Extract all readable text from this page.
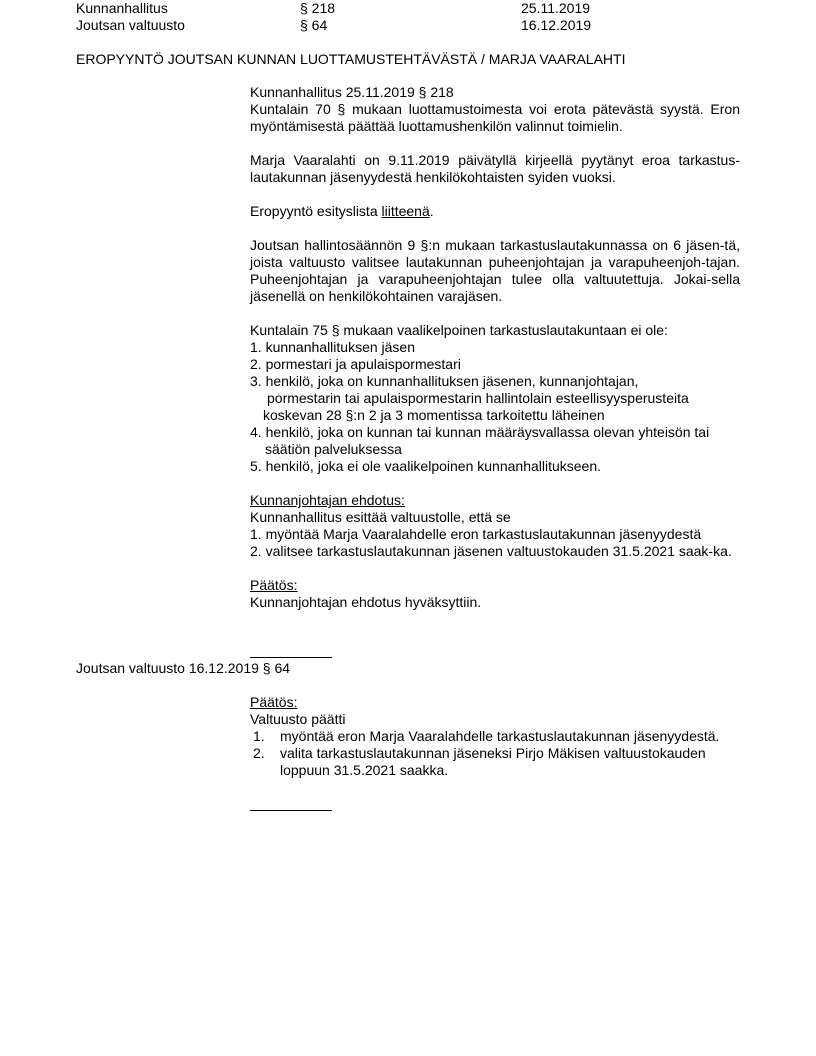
Kunnanhallitus	§ 218	25.11.2019
Joutsan valtuusto	§ 64	16.12.2019
EROPYYNTÖ JOUTSAN KUNNAN LUOTTAMUSTEHTÄVÄSTÄ / MARJA VAARALAHTI

Kunnanhallitus 25.11.2019 § 218

Kuntalain 70 § mukaan luottamustoimesta voi erota pätevästä syystä. Eron myöntämisestä päättää luottamushenkilön valinnut toimielin.

Marja Vaaralahti on 9.11.2019 päivätyllä kirjeellä pyytänyt eroa tarkastus-lautakunnan jäsenyydestä henkilökohtaisten syiden vuoksi.

Eropyyntö esityslista liitteenä.

Joutsan hallintosäännön 9 §:n mukaan tarkastuslautakunnassa on 6 jäsen-tä, joista valtuusto valitsee lautakunnan puheenjohtajan ja varapuheenjoh-tajan. Puheenjohtajan ja varapuheenjohtajan tulee olla valtuutettuja. Jokai-sella jäsenellä on henkilökohtainen varajäsen.

Kuntalain 75 § mukaan vaalikelpoinen tarkastuslautakuntaan ei ole:

1. kunnanhallituksen jäsen

2. pormestari ja apulaispormestari

3. henkilö, joka on kunnanhallituksen jäsenen, kunnanjohtajan,

pormestarin tai apulaispormestarin hallintolain esteellisyysperusteita

koskevan 28 §:n 2 ja 3 momentissa tarkoitettu läheinen

4. henkilö, joka on kunnan tai kunnan määräysvallassa olevan yhteisön tai

säätiön palveluksessa

5. henkilö, joka ei ole vaalikelpoinen kunnanhallitukseen.

Kunnanjohtajan ehdotus:

Kunnanhallitus esittää valtuustolle, että se

1. myöntää Marja Vaaralahdelle eron tarkastuslautakunnan jäsenyydestä

2. valitsee tarkastuslautakunnan jäsenen valtuustokauden 31.5.2021 saak-ka.

Päätös:

Kunnanjohtajan ehdotus hyväksyttiin.

Joutsan valtuusto 16.12.2019 § 64

Päätös:

Valtuusto päätti

1.	myöntää eron Marja Vaaralahdelle tarkastuslautakunnan jäsenyydestä.
2.	valita tarkastuslautakunnan jäseneksi Pirjo Mäkisen valtuustokauden loppuun 31.5.2021 saakka.
